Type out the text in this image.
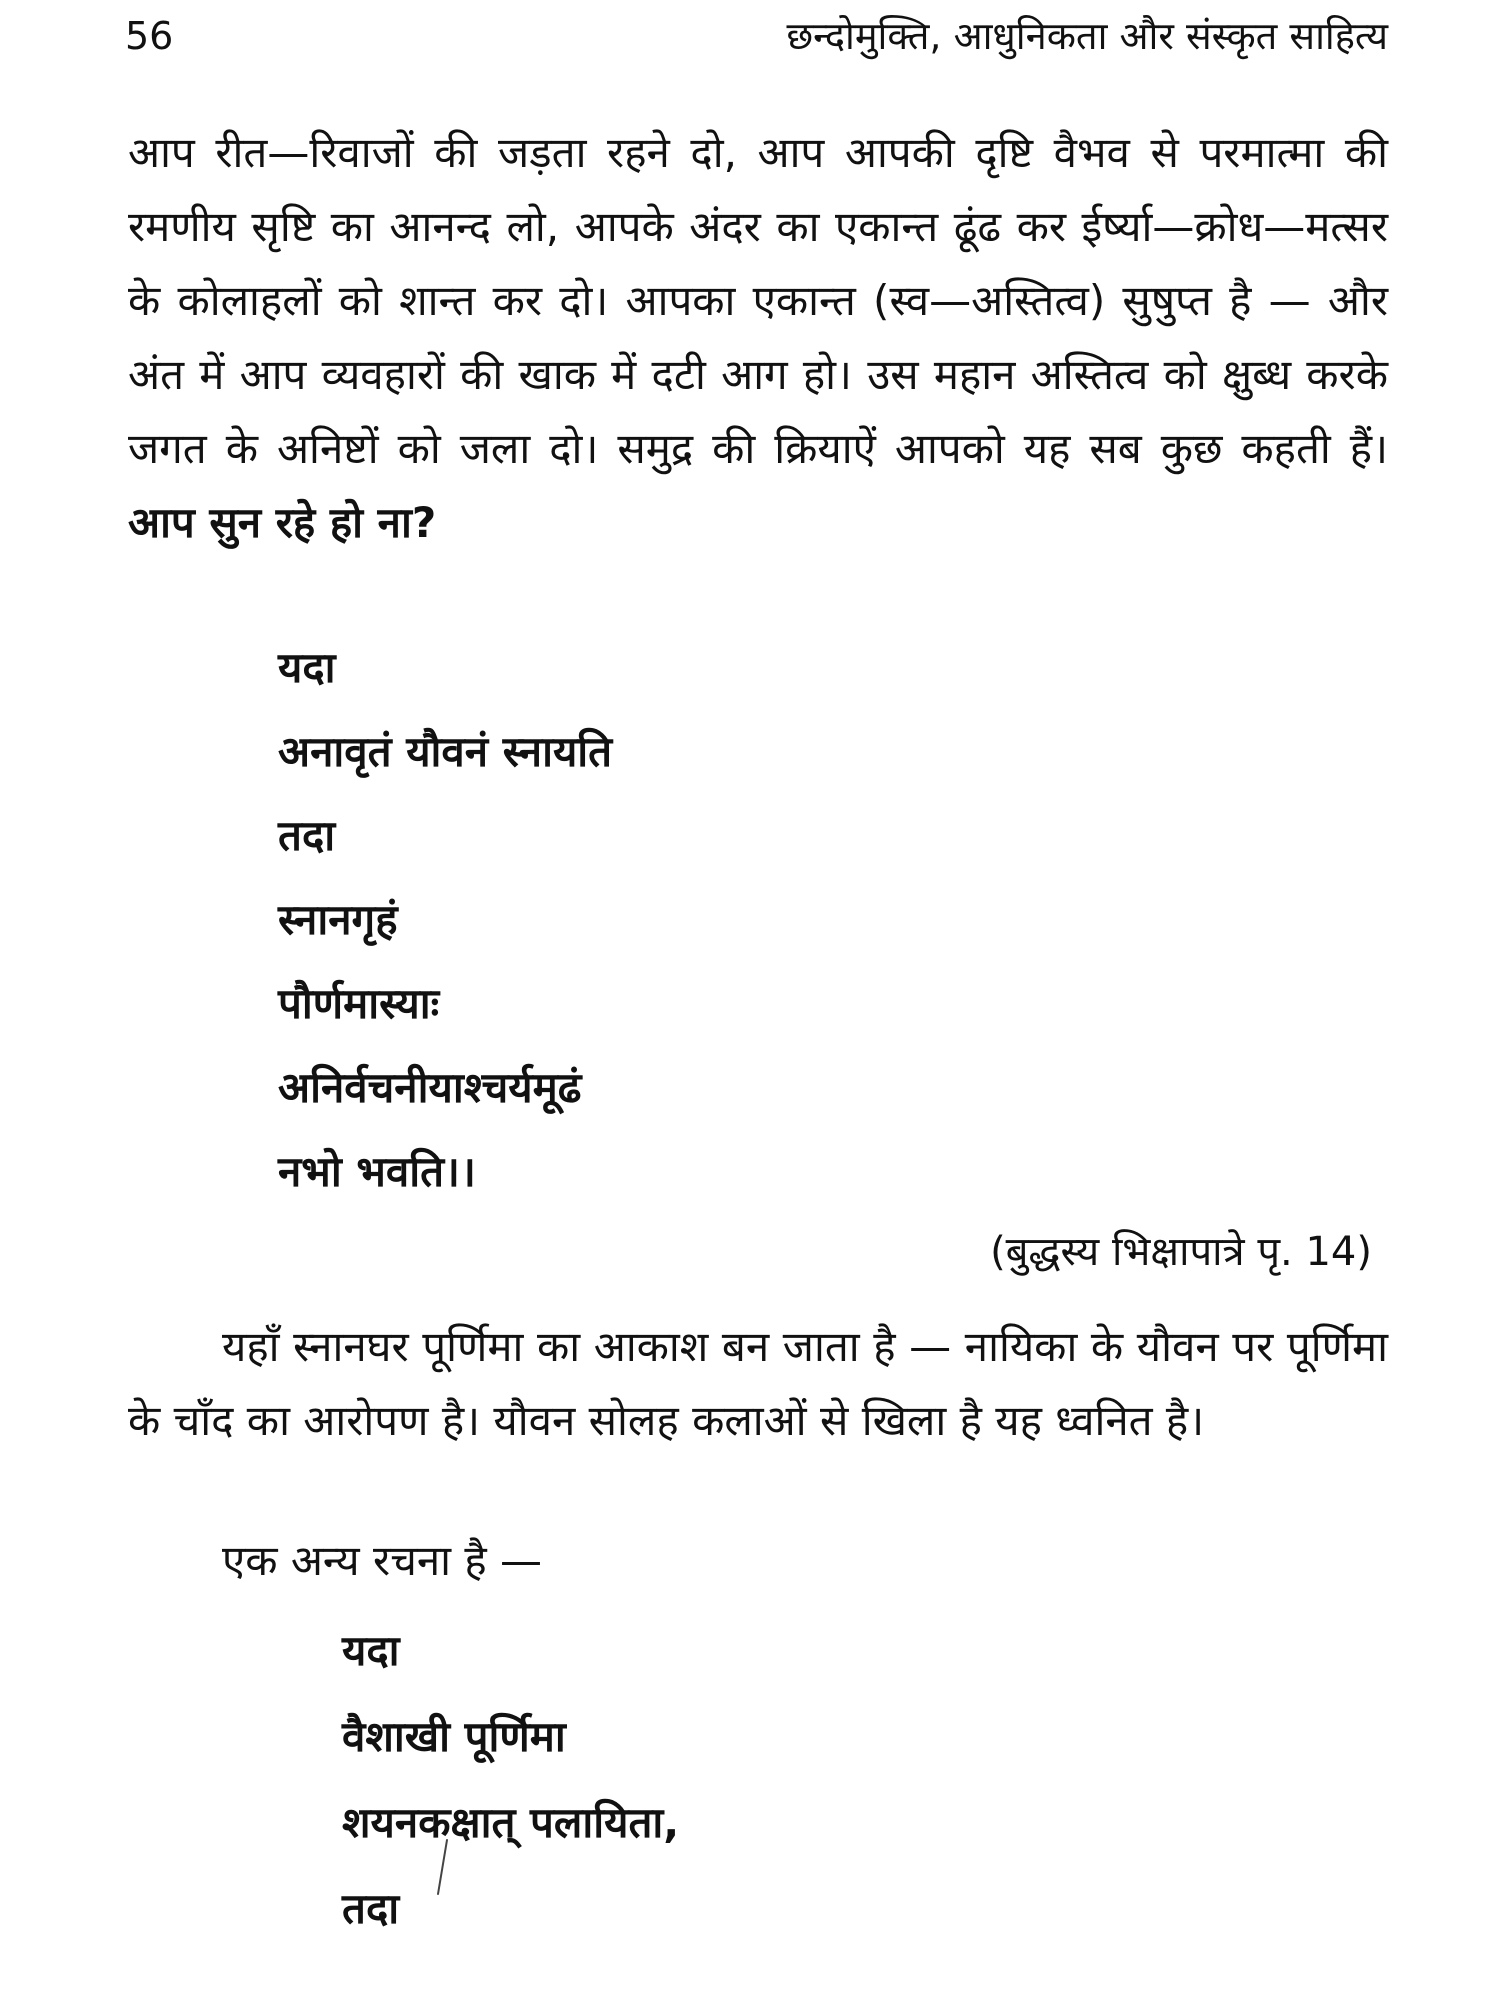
56	छन्दोमुक्ति, आधुनिकता और संस्कृत साहित्य

आप रीत—रिवाजों की जड़ता रहने दो, आप आपकी दृष्टि वैभव से परमात्मा की रमणीय सृष्टि का आनन्द लो, आपके अंदर का एकान्त ढूंढ कर ईर्ष्या—क्रोध—मत्सर के कोलाहलों को शान्त कर दो। आपका एकान्त (स्व—अस्तित्व) सुषुप्त है — और अंत में आप व्यवहारों की खाक में दटी आग हो। उस महान अस्तित्व को क्षुब्ध करके जगत के अनिष्टों को जला दो। समुद्र की क्रियाऐं आपको यह सब कुछ कहती हैं। आप सुन रहे हो ना?

यदा
अनावृतं यौवनं स्नायति
तदा
स्नानगृहं
पौर्णमास्याः
अनिर्वचनीयाश्चर्यमूढं
नभो भवति।।
(बुद्धस्य भिक्षापात्रे पृ. 14)

यहाँ स्नानघर पूर्णिमा का आकाश बन जाता है — नायिका के यौवन पर पूर्णिमा के चाँद का आरोपण है। यौवन सोलह कलाओं से खिला है यह ध्वनित है।

एक अन्य रचना है —

यदा
वैशाखी पूर्णिमा
शयनकक्षात् पलायिता,
तदा
